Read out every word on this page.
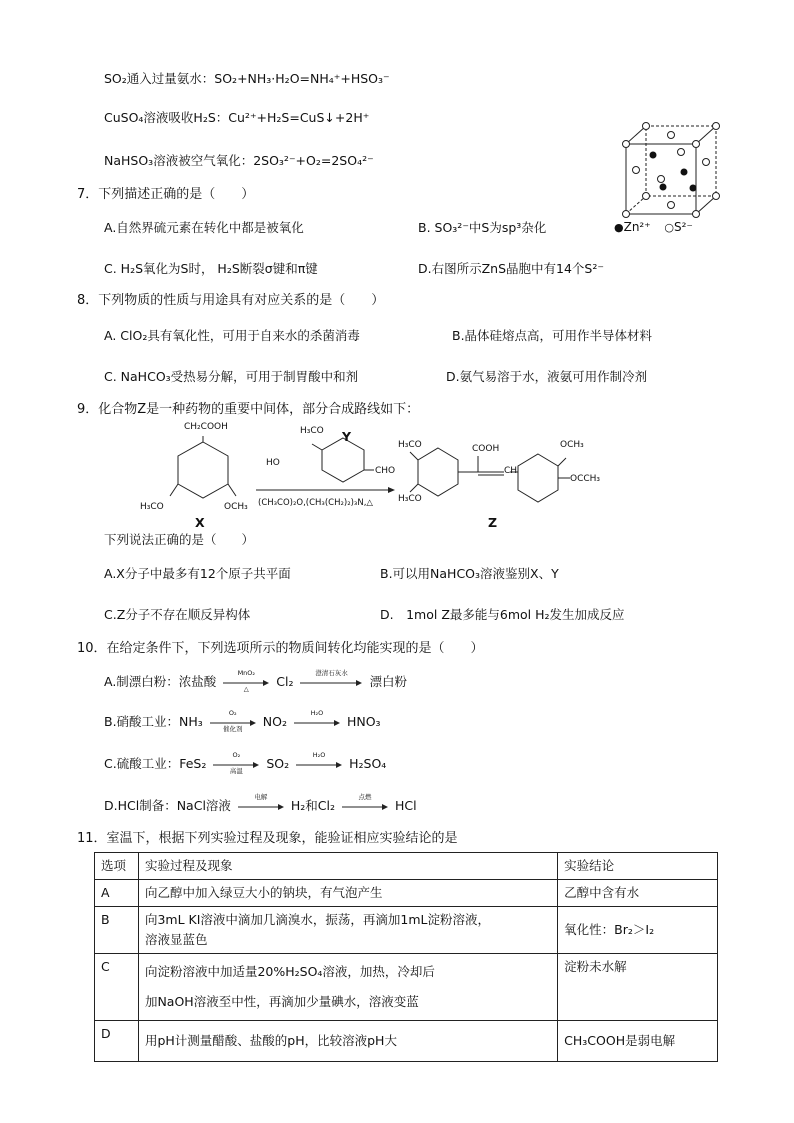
SO₂通入过量氨水：SO₂+NH₃·H₂O=NH₄⁺+HSO₃⁻
CuSO₄溶液吸收H₂S：Cu²⁺+H₂S=CuS↓+2H⁺
NaHSO₃溶液被空气氧化：2SO₃²⁻+O₂=2SO₄²⁻
●Zn²⁺ ○S²⁻
7．下列描述正确的是（　　）
A.自然界硫元素在转化中都是被氧化	B. SO₃²⁻中S为sp³杂化
C. H₂S氧化为S时， H₂S断裂σ键和π键	D.右图所示ZnS晶胞中有14个S²⁻
8．下列物质的性质与用途具有对应关系的是（　　）
A. ClO₂具有氧化性，可用于自来水的杀菌消毒	B.晶体硅熔点高，可用作半导体材料
C. NaHCO₃受热易分解，可用于制胃酸中和剂	D.氨气易溶于水，液氨可用作制冷剂
9．化合物Z是一种药物的重要中间体，部分合成路线如下：
CH₂COOH
H₃CO	OCH₃
X
H₃CO
HO
CHO
Y
(CH₃CO)₂O,(CH₃(CH₂)₂)₃N,△
H₃CO
H₃CO
COOH
CH
OCH₃
OCCH₃
Z
下列说法正确的是（　　）
A.X分子中最多有12个原子共平面	B.可以用NaHCO₃溶液鉴别X、Y
C.Z分子不存在顺反异构体	D.　1mol Z最多能与6mol H₂发生加成反应
10．在给定条件下，下列选项所示的物质间转化均能实现的是（　　）
A.制漂白粉：浓盐酸
MnO₂
△	Cl₂
澄清石灰水
漂白粉
B.硝酸工业：NH₃
O₂
催化剂	NO₂
H₂O
HNO₃
C.硫酸工业：FeS₂
O₂
高温	SO₂
H₂O
H₂SO₄
D.HCl制备：NaCl溶液
电解
H₂和Cl₂
点燃
HCl
11．室温下，根据下列实验过程及现象，能验证相应实验结论的是
选项	实验过程及现象	实验结论
A	向乙醇中加入绿豆大小的钠块，有气泡产生	乙醇中含有水
B	向3mL KI溶液中滴加几滴溴水，振荡，再滴加1mL淀粉溶液，
溶液显蓝色	氧化性：Br₂＞I₂
C	向淀粉溶液中加适量20%H₂SO₄溶液，加热，冷却后
加NaOH溶液至中性，再滴加少量碘水，溶液变蓝	淀粉未水解
D	用pH计测量醋酸、盐酸的pH，比较溶液pH大	CH₃COOH是弱电解
